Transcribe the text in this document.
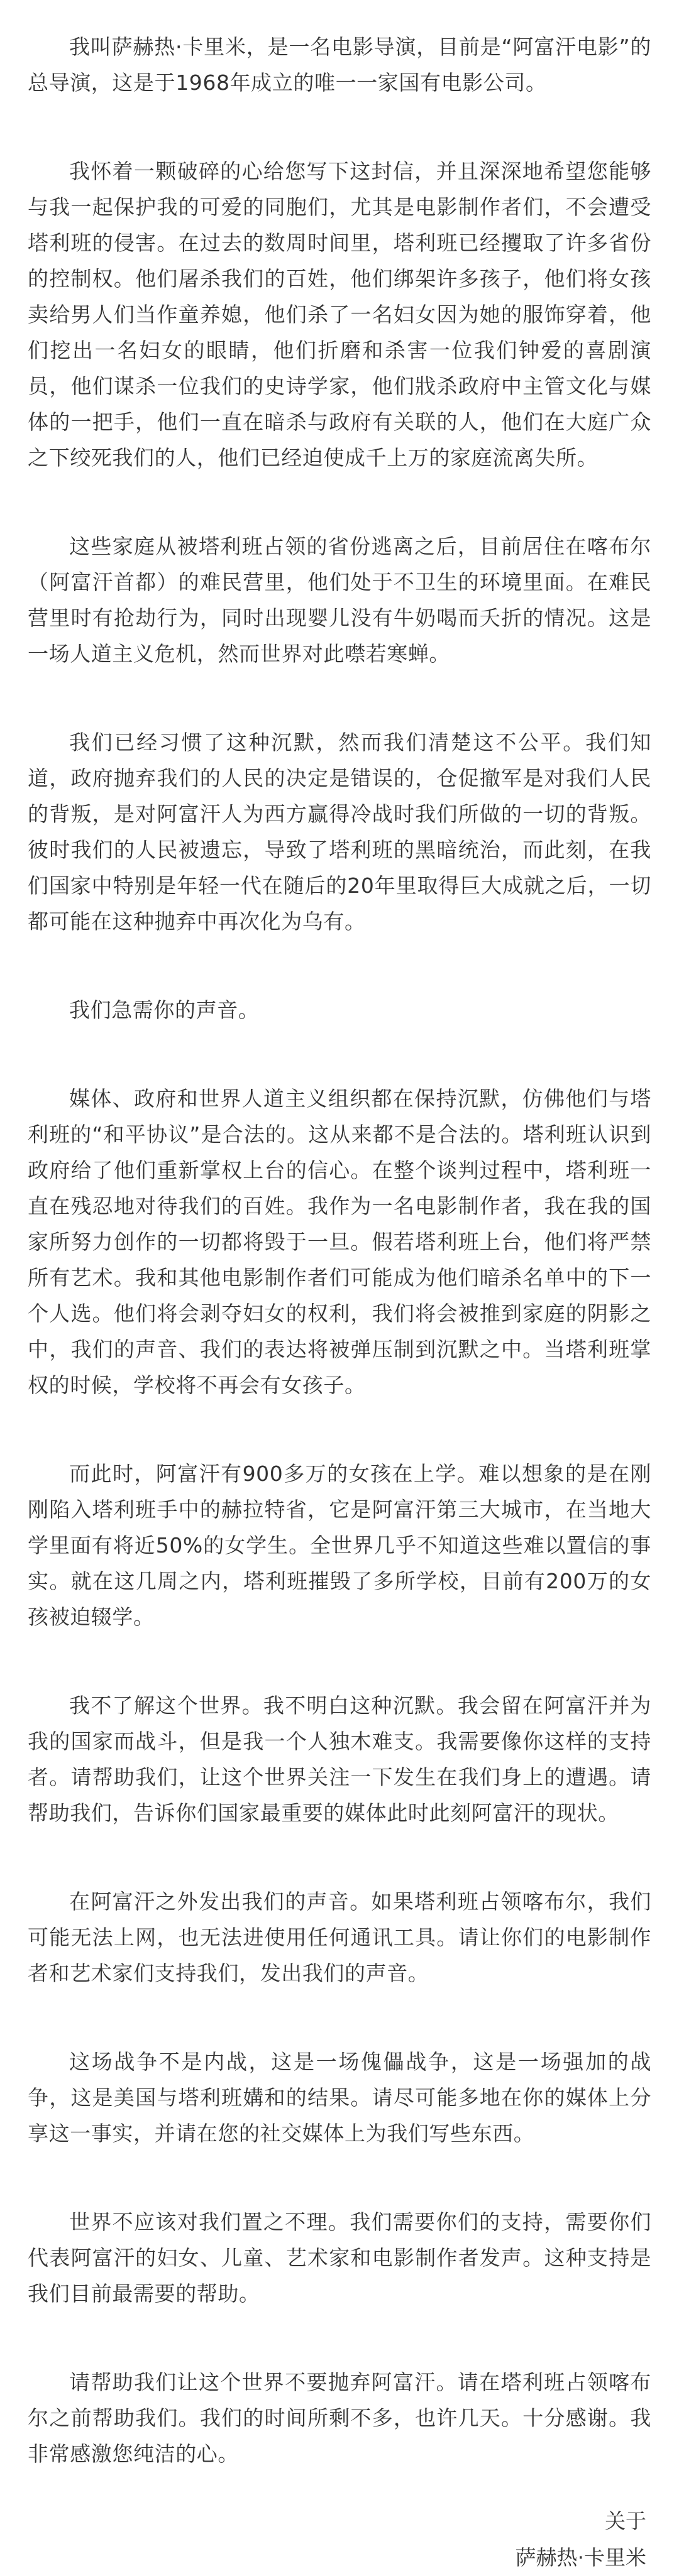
我叫萨赫热·卡里米，是一名电影导演，目前是“阿富汗电影”的总导演，这是于1968年成立的唯一一家国有电影公司。

我怀着一颗破碎的心给您写下这封信，并且深深地希望您能够与我一起保护我的可爱的同胞们，尤其是电影制作者们，不会遭受塔利班的侵害。在过去的数周时间里，塔利班已经攫取了许多省份的控制权。他们屠杀我们的百姓，他们绑架许多孩子，他们将女孩卖给男人们当作童养媳，他们杀了一名妇女因为她的服饰穿着，他们挖出一名妇女的眼睛，他们折磨和杀害一位我们钟爱的喜剧演员，他们谋杀一位我们的史诗学家，他们戕杀政府中主管文化与媒体的一把手，他们一直在暗杀与政府有关联的人，他们在大庭广众之下绞死我们的人，他们已经迫使成千上万的家庭流离失所。

这些家庭从被塔利班占领的省份逃离之后，目前居住在喀布尔（阿富汗首都）的难民营里，他们处于不卫生的环境里面。在难民营里时有抢劫行为，同时出现婴儿没有牛奶喝而夭折的情况。这是一场人道主义危机，然而世界对此噤若寒蝉。

我们已经习惯了这种沉默，然而我们清楚这不公平。我们知道，政府抛弃我们的人民的决定是错误的，仓促撤军是对我们人民的背叛，是对阿富汗人为西方赢得冷战时我们所做的一切的背叛。彼时我们的人民被遗忘，导致了塔利班的黑暗统治，而此刻，在我们国家中特别是年轻一代在随后的20年里取得巨大成就之后，一切都可能在这种抛弃中再次化为乌有。

我们急需你的声音。

媒体、政府和世界人道主义组织都在保持沉默，仿佛他们与塔利班的“和平协议”是合法的。这从来都不是合法的。塔利班认识到政府给了他们重新掌权上台的信心。在整个谈判过程中，塔利班一直在残忍地对待我们的百姓。我作为一名电影制作者，我在我的国家所努力创作的一切都将毁于一旦。假若塔利班上台，他们将严禁所有艺术。我和其他电影制作者们可能成为他们暗杀名单中的下一个人选。他们将会剥夺妇女的权利，我们将会被推到家庭的阴影之中，我们的声音、我们的表达将被弹压制到沉默之中。当塔利班掌权的时候，学校将不再会有女孩子。

而此时，阿富汗有900多万的女孩在上学。难以想象的是在刚刚陷入塔利班手中的赫拉特省，它是阿富汗第三大城市，在当地大学里面有将近50%的女学生。全世界几乎不知道这些难以置信的事实。就在这几周之内，塔利班摧毁了多所学校，目前有200万的女孩被迫辍学。

我不了解这个世界。我不明白这种沉默。我会留在阿富汗并为我的国家而战斗，但是我一个人独木难支。我需要像你这样的支持者。请帮助我们，让这个世界关注一下发生在我们身上的遭遇。请帮助我们，告诉你们国家最重要的媒体此时此刻阿富汗的现状。

在阿富汗之外发出我们的声音。如果塔利班占领喀布尔，我们可能无法上网，也无法进使用任何通讯工具。请让你们的电影制作者和艺术家们支持我们，发出我们的声音。

这场战争不是内战，这是一场傀儡战争，这是一场强加的战争，这是美国与塔利班媾和的结果。请尽可能多地在你的媒体上分享这一事实，并请在您的社交媒体上为我们写些东西。

世界不应该对我们置之不理。我们需要你们的支持，需要你们代表阿富汗的妇女、儿童、艺术家和电影制作者发声。这种支持是我们目前最需要的帮助。

请帮助我们让这个世界不要抛弃阿富汗。请在塔利班占领喀布尔之前帮助我们。我们的时间所剩不多，也许几天。十分感谢。我非常感激您纯洁的心。

关于
萨赫热·卡里米
